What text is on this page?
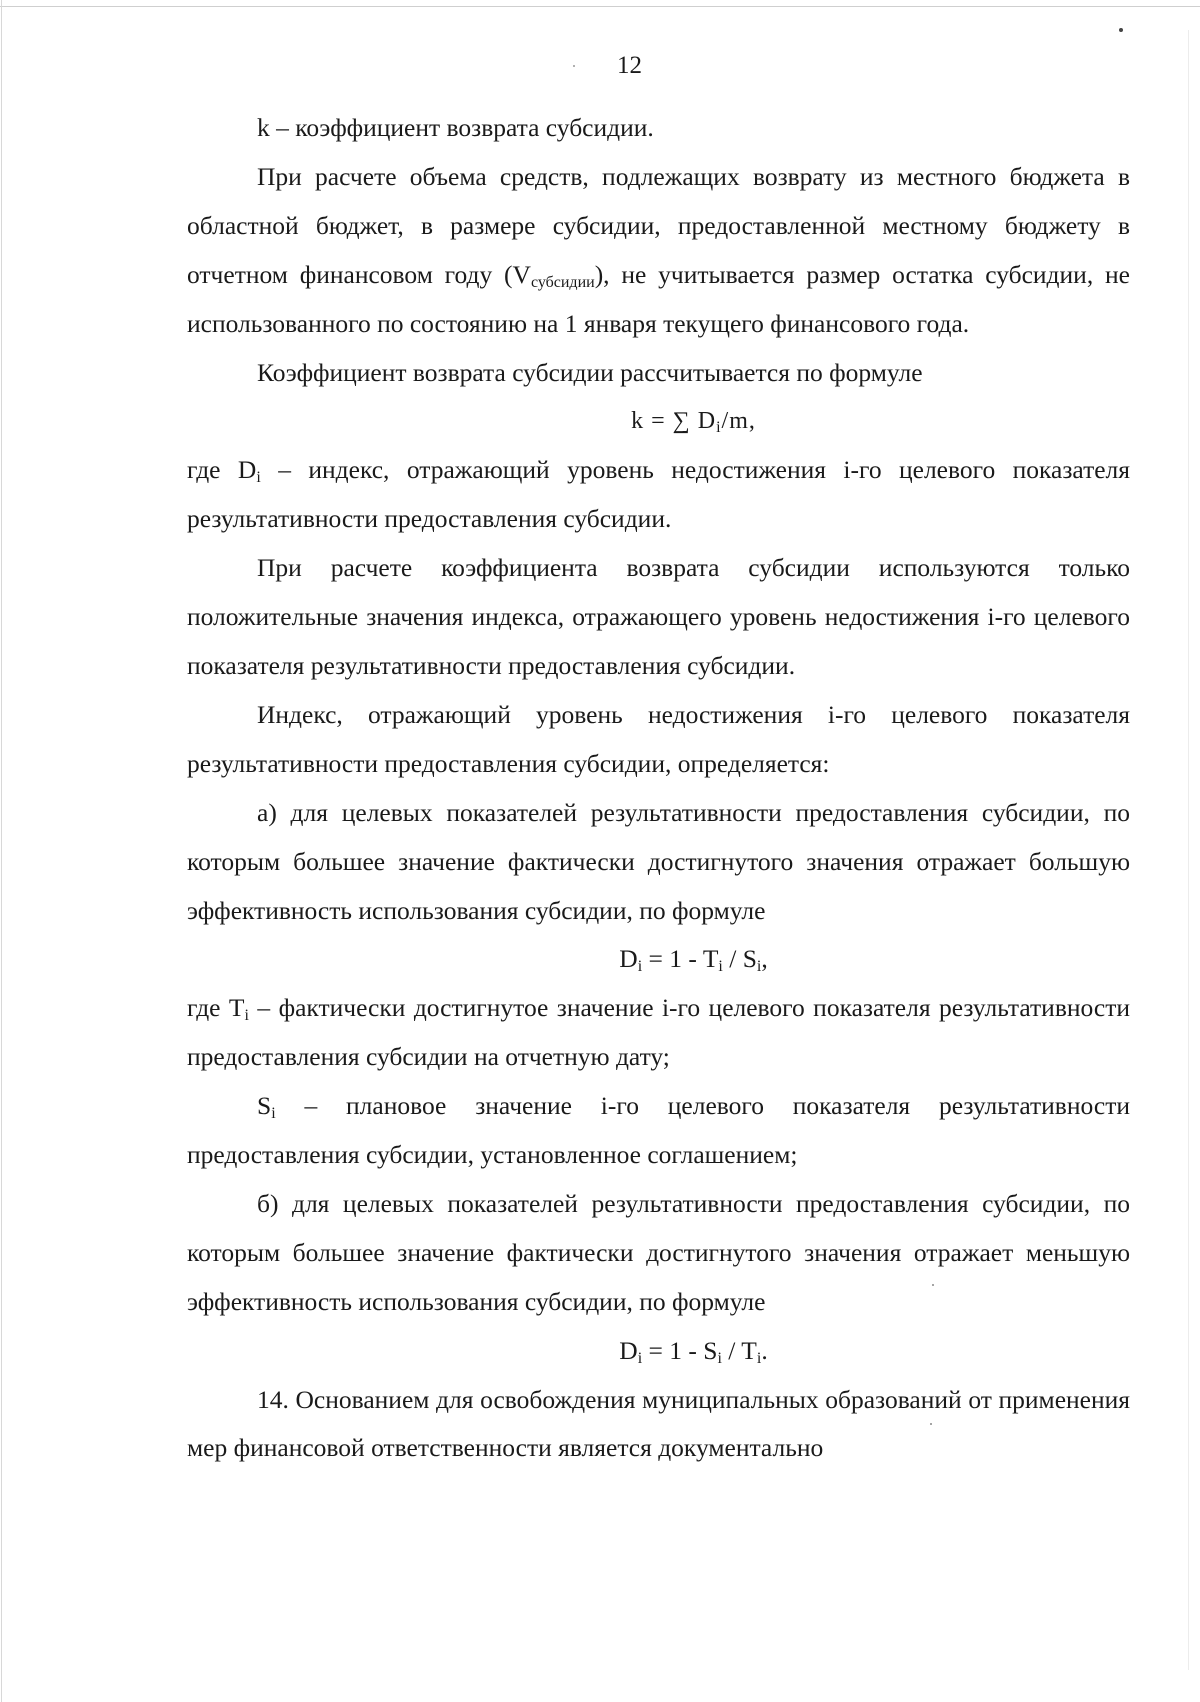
12

k – коэффициент возврата субсидии.

При расчете объема средств, подлежащих возврату из местного бюджета в областной бюджет, в размере субсидии, предоставленной местному бюджету в отчетном финансовом году $(V_{субсидии})$, не учитывается размер остатка субсидии, не использованного по состоянию на 1 января текущего финансового года.

Коэффициент возврата субсидии рассчитывается по формуле

k = ∑ $D_i/m$,

где $D_i$ – индекс, отражающий уровень недостижения i-го целевого показателя результативности предоставления субсидии.

При расчете коэффициента возврата субсидии используются только положительные значения индекса, отражающего уровень недостижения i-го целевого показателя результативности предоставления субсидии.

Индекс, отражающий уровень недостижения i-го целевого показателя результативности предоставления субсидии, определяется:

а) для целевых показателей результативности предоставления субсидии, по которым большее значение фактически достигнутого значения отражает большую эффективность использования субсидии, по формуле

$D_i = 1 - T_i / S_i$,

где $T_i$ – фактически достигнутое значение i-го целевого показателя результативности предоставления субсидии на отчетную дату;

$S_i$ – плановое значение i-го целевого показателя результативности предоставления субсидии, установленное соглашением;

б) для целевых показателей результативности предоставления субсидии, по которым большее значение фактически достигнутого значения отражает меньшую эффективность использования субсидии, по формуле

$D_i = 1 - S_i / T_i$.

14. Основанием для освобождения муниципальных образований от применения мер финансовой ответственности является документально
